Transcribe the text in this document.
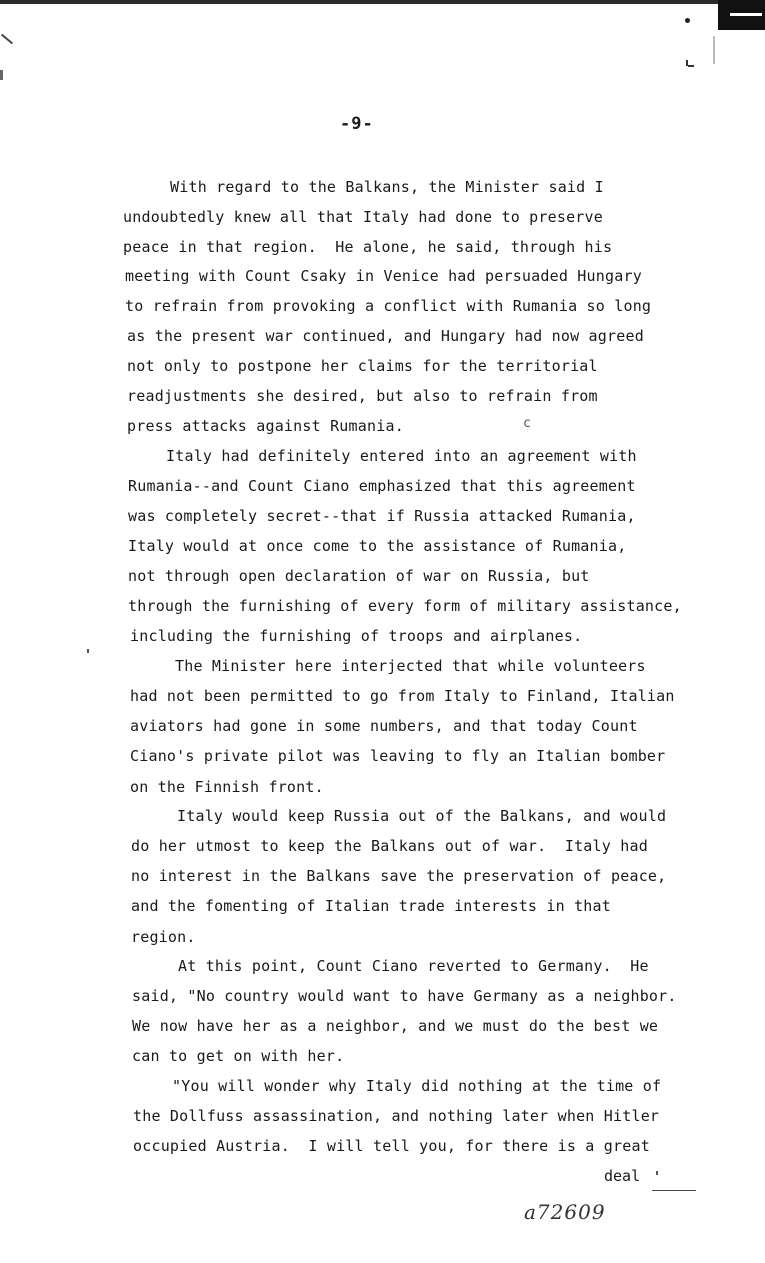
-9-
With regard to the Balkans, the Minister said I
undoubtedly knew all that Italy had done to preserve
peace in that region.  He alone, he said, through his
meeting with Count Csaky in Venice had persuaded Hungary
to refrain from provoking a conflict with Rumania so long
as the present war continued, and Hungary had now agreed
not only to postpone her claims for the territorial
readjustments she desired, but also to refrain from
press attacks against Rumania.	c
Italy had definitely entered into an agreement with
Rumania--and Count Ciano emphasized that this agreement
was completely secret--that if Russia attacked Rumania,
Italy would at once come to the assistance of Rumania,
not through open declaration of war on Russia, but
through the furnishing of every form of military assistance,
including the furnishing of troops and airplanes.
The Minister here interjected that while volunteers
had not been permitted to go from Italy to Finland, Italian
aviators had gone in some numbers, and that today Count
Ciano's private pilot was leaving to fly an Italian bomber
on the Finnish front.
Italy would keep Russia out of the Balkans, and would
do her utmost to keep the Balkans out of war.  Italy had
no interest in the Balkans save the preservation of peace,
and the fomenting of Italian trade interests in that
region.
At this point, Count Ciano reverted to Germany.  He
said, "No country would want to have Germany as a neighbor.
We now have her as a neighbor, and we must do the best we
can to get on with her.
"You will wonder why Italy did nothing at the time of
the Dollfuss assassination, and nothing later when Hitler
occupied Austria.  I will tell you, for there is a great
deal
a72609
